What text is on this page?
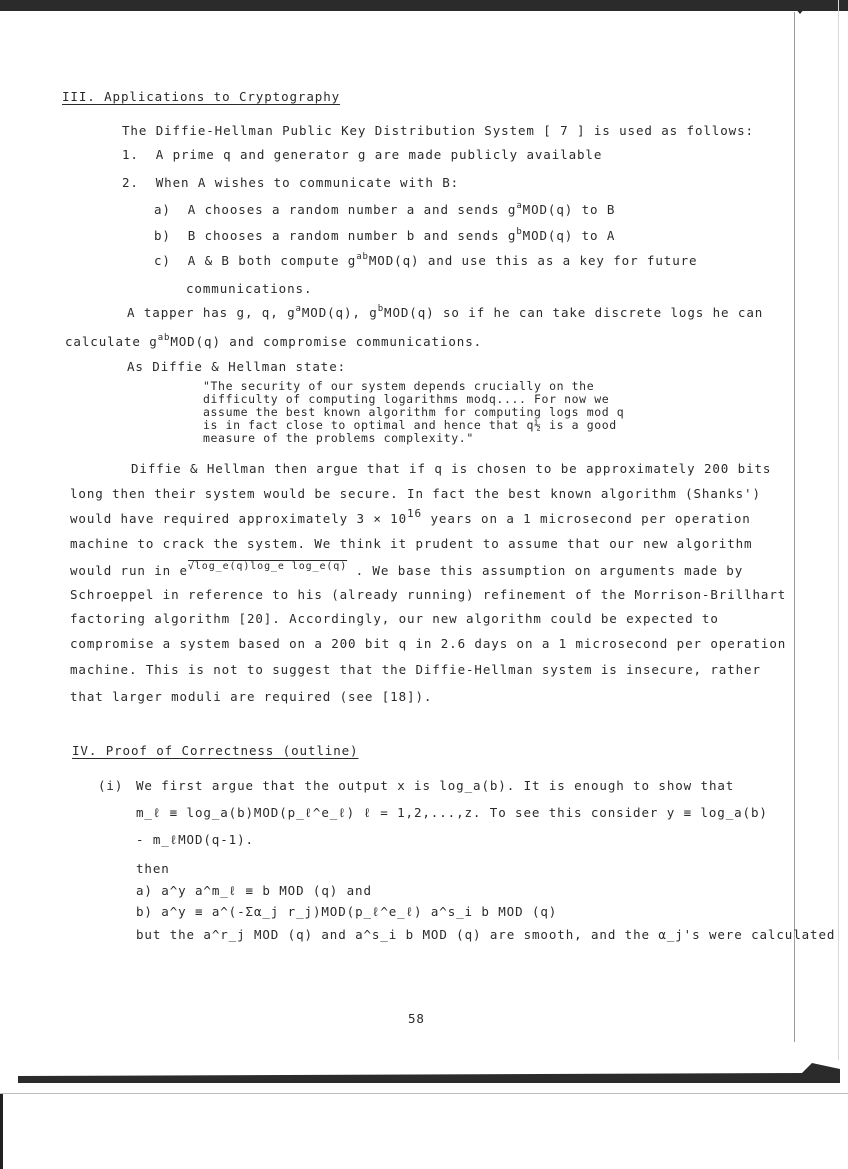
III. Applications to Cryptography
The Diffie-Hellman Public Key Distribution System [ 7 ] is used as follows:
1. A prime q and generator g are made publicly available
2. When A wishes to communicate with B:
a) A chooses a random number a and sends $g^aMOD(q)$ to B
b) B chooses a random number b and sends $g^bMOD(q)$ to A
c) A & B both compute $g^{ab}MOD(q)$ and use this as a key for future
communications.
A tapper has g, q, $g^aMOD(q)$, $g^bMOD(q)$ so if he can take discrete logs he can
calculate $g^{ab}MOD(q)$ and compromise communications.
As Diffie & Hellman state:
"The security of our system depends crucially on the
difficulty of computing logarithms modq.... For now we
assume the best known algorithm for computing logs mod q
is in fact close to optimal and hence that q½ is a good
measure of the problems complexity."
Diffie & Hellman then argue that if q is chosen to be approximately 200 bits
long then their system would be secure. In fact the best known algorithm (Shanks')
would have required approximately $3 \times 10^{16}$ years on a 1 microsecond per operation
machine to crack the system. We think it prudent to assume that our new algorithm
would run in $e^{√log\_e(q)log\_e log\_e(q)}$ . We base this assumption on arguments made by
Schroeppel in reference to his (already running) refinement of the Morrison-Brillhart
factoring algorithm [20]. Accordingly, our new algorithm could be expected to
compromise a system based on a 200 bit q in 2.6 days on a 1 microsecond per operation
machine. This is not to suggest that the Diffie-Hellman system is insecure, rather
that larger moduli are required (see [18]).
IV. Proof of Correctness (outline)
(i) We first argue that the output x is log_a(b). It is enough to show that
m_ℓ ≡ log_a(b)MOD(p_ℓ^e_ℓ) ℓ = 1,2,...,z. To see this consider y ≡ log_a(b)
- m_ℓMOD(q-1).
then
a) a^y a^m_ℓ ≡ b MOD (q) and
b) a^y ≡ a^(-Σα_j r_j)MOD(p_ℓ^e_ℓ) a^s_i b MOD (q)
but the a^r_j MOD (q) and a^s_i b MOD (q) are smooth, and the α_j's were calculated
58
